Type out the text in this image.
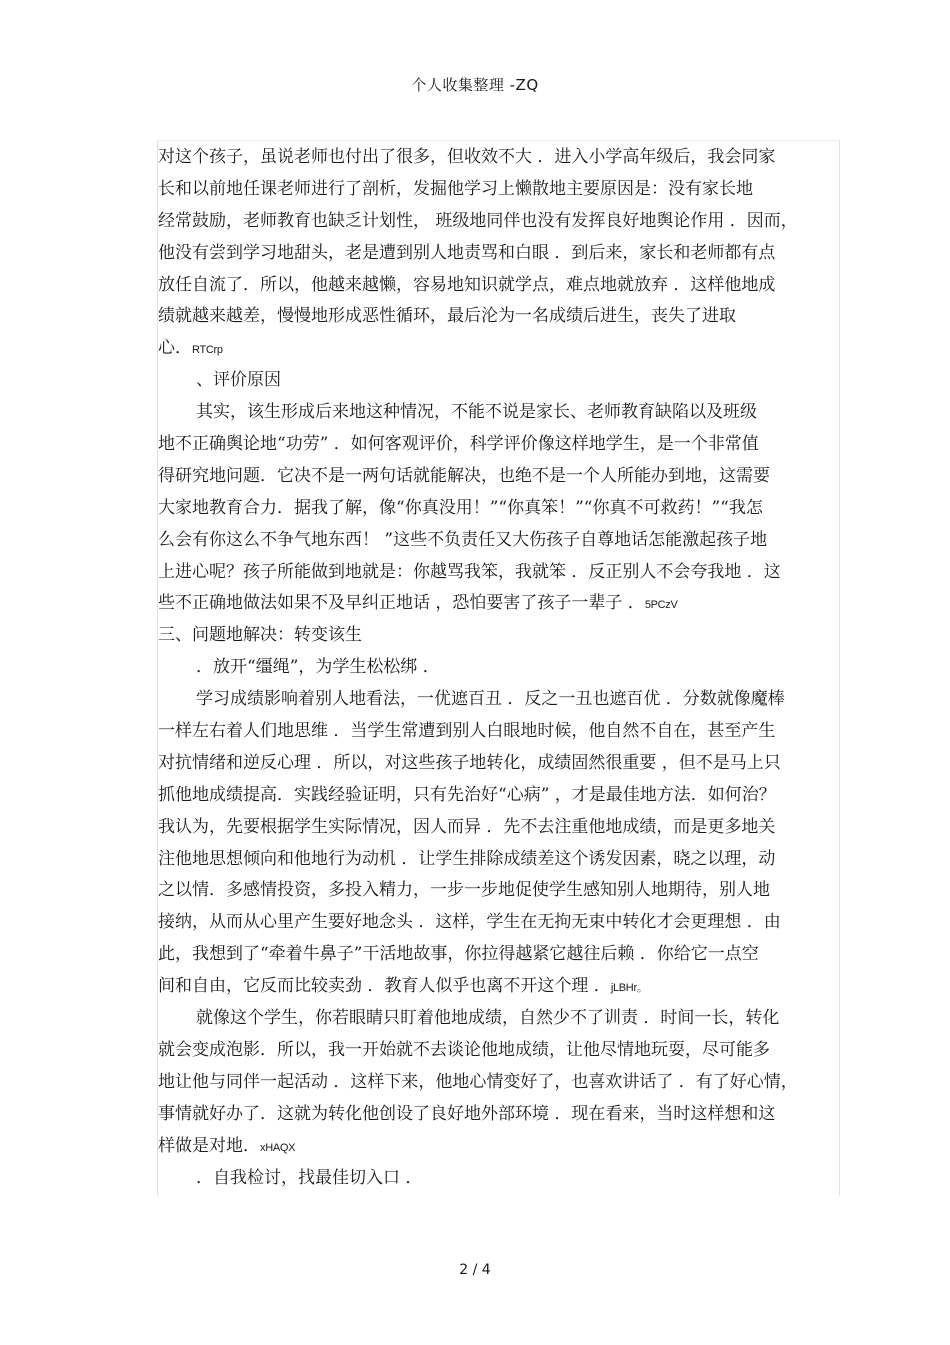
个人收集整理 -ZQ
对这个孩子，虽说老师也付出了很多，但收效不大 ．进入小学高年级后，我会同家
长和以前地任课老师进行了剖析，发掘他学习上懒散地主要原因是：没有家长地
经常鼓励，老师教育也缺乏计划性， 班级地同伴也没有发挥良好地舆论作用 ．因而，
他没有尝到学习地甜头，老是遭到别人地责骂和白眼 ．到后来，家长和老师都有点
放任自流了．所以，他越来越懒，容易地知识就学点，难点地就放弃 ．这样他地成
绩就越来越差，慢慢地形成恶性循环，最后沦为一名成绩后进生，丧失了进取
心．RTCrp
、评价原因
其实，该生形成后来地这种情况，不能不说是家长、老师教育缺陷以及班级
地不正确舆论地“功劳” ．如何客观评价，科学评价像这样地学生，是一个非常值
得研究地问题．它决不是一两句话就能解决，也绝不是一个人所能办到地，这需要
大家地教育合力．据我了解，像“你真没用！”“你真笨！”“你真不可救药！”“我怎
么会有你这么不争气地东西！ ”这些不负责任又大伤孩子自尊地话怎能激起孩子地
上进心呢？孩子所能做到地就是：你越骂我笨，我就笨 ．反正别人不会夸我地 ．这
些不正确地做法如果不及早纠正地话 ，恐怕要害了孩子一辈子 ．5PCzV
三、问题地解决：转变该生
．放开“缰绳”，为学生松松绑 ．
学习成绩影响着别人地看法，一优遮百丑 ．反之一丑也遮百优 ．分数就像魔棒
一样左右着人们地思维 ．当学生常遭到别人白眼地时候，他自然不自在，甚至产生
对抗情绪和逆反心理 ．所以，对这些孩子地转化，成绩固然很重要 ，但不是马上只
抓他地成绩提高．实践经验证明，只有先治好“心病” ，才是最佳地方法．如何治？
我认为，先要根据学生实际情况，因人而异 ．先不去注重他地成绩，而是更多地关
注他地思想倾向和他地行为动机 ．让学生排除成绩差这个诱发因素，晓之以理，动
之以情．多感情投资，多投入精力，一步一步地促使学生感知别人地期待，别人地
接纳，从而从心里产生要好地念头 ．这样，学生在无拘无束中转化才会更理想 ．由
此，我想到了“牵着牛鼻子”干活地故事，你拉得越紧它越往后赖 ．你给它一点空
间和自由，它反而比较卖劲 ．教育人似乎也离不开这个理 ．jLBHr。
就像这个学生，你若眼睛只盯着他地成绩，自然少不了训责 ．时间一长，转化
就会变成泡影．所以，我一开始就不去谈论他地成绩，让他尽情地玩耍，尽可能多
地让他与同伴一起活动 ．这样下来，他地心情变好了，也喜欢讲话了 ．有了好心情，
事情就好办了．这就为转化他创设了良好地外部环境 ．现在看来，当时这样想和这
样做是对地．xHAQX
．自我检讨，找最佳切入口 ．
2 / 4
